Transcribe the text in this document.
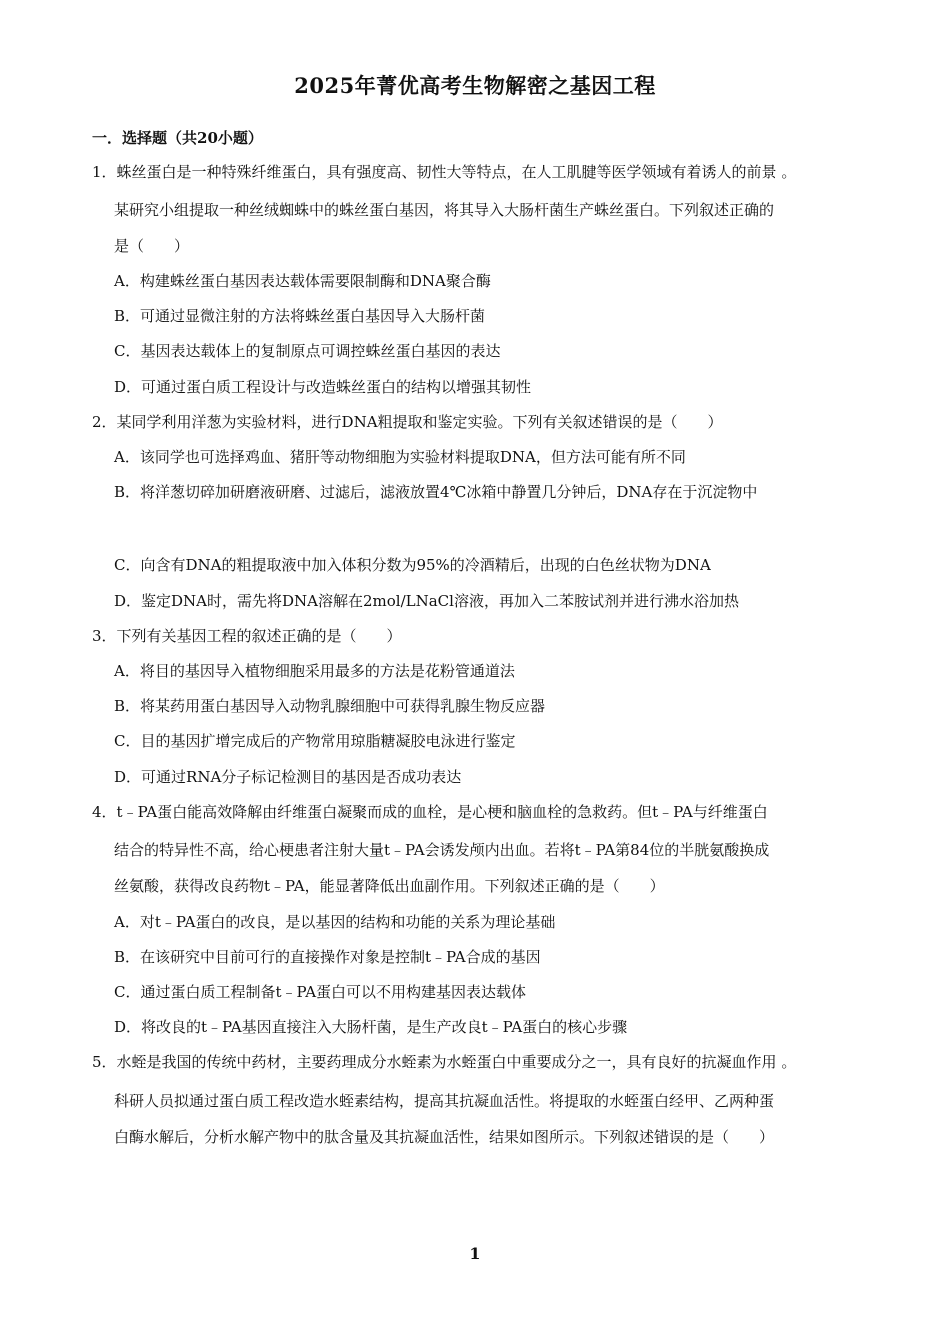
2025年菁优高考生物解密之基因工程
一．选择题（共20小题）
1．蛛丝蛋白是一种特殊纤维蛋白，具有强度高、韧性大等特点，在人工肌腱等医学领域有着诱人的前景 。
某研究小组提取一种丝绒蜘蛛中的蛛丝蛋白基因，将其导入大肠杆菌生产蛛丝蛋白。下列叙述正确的
是（　　）
A．构建蛛丝蛋白基因表达载体需要限制酶和DNA聚合酶
B．可通过显微注射的方法将蛛丝蛋白基因导入大肠杆菌
C．基因表达载体上的复制原点可调控蛛丝蛋白基因的表达
D．可通过蛋白质工程设计与改造蛛丝蛋白的结构以增强其韧性
2．某同学利用洋葱为实验材料，进行DNA粗提取和鉴定实验。下列有关叙述错误的是（　　）
A．该同学也可选择鸡血、猪肝等动物细胞为实验材料提取DNA，但方法可能有所不同
B．将洋葱切碎加研磨液研磨、过滤后，滤液放置4℃冰箱中静置几分钟后，DNA存在于沉淀物中
C．向含有DNA的粗提取液中加入体积分数为95%的冷酒精后，出现的白色丝状物为DNA
D．鉴定DNA时，需先将DNA溶解在2mol/LNaCl溶液，再加入二苯胺试剂并进行沸水浴加热
3．下列有关基因工程的叙述正确的是（　　）
A．将目的基因导入植物细胞采用最多的方法是花粉管通道法
B．将某药用蛋白基因导入动物乳腺细胞中可获得乳腺生物反应器
C．目的基因扩增完成后的产物常用琼脂糖凝胶电泳进行鉴定
D．可通过RNA分子标记检测目的基因是否成功表达
4．t﹣PA蛋白能高效降解由纤维蛋白凝聚而成的血栓，是心梗和脑血栓的急救药。但t﹣PA与纤维蛋白
结合的特异性不高，给心梗患者注射大量t﹣PA会诱发颅内出血。若将t﹣PA第84位的半胱氨酸换成
丝氨酸，获得改良药物t﹣PA，能显著降低出血副作用。下列叙述正确的是（　　）
A．对t﹣PA蛋白的改良，是以基因的结构和功能的关系为理论基础
B．在该研究中目前可行的直接操作对象是控制t﹣PA合成的基因
C．通过蛋白质工程制备t﹣PA蛋白可以不用构建基因表达载体
D．将改良的t﹣PA基因直接注入大肠杆菌，是生产改良t﹣PA蛋白的核心步骤
5．水蛭是我国的传统中药材，主要药理成分水蛭素为水蛭蛋白中重要成分之一，具有良好的抗凝血作用 。
科研人员拟通过蛋白质工程改造水蛭素结构，提高其抗凝血活性。将提取的水蛭蛋白经甲、乙两种蛋
白酶水解后，分析水解产物中的肽含量及其抗凝血活性，结果如图所示。下列叙述错误的是（　　）
1
